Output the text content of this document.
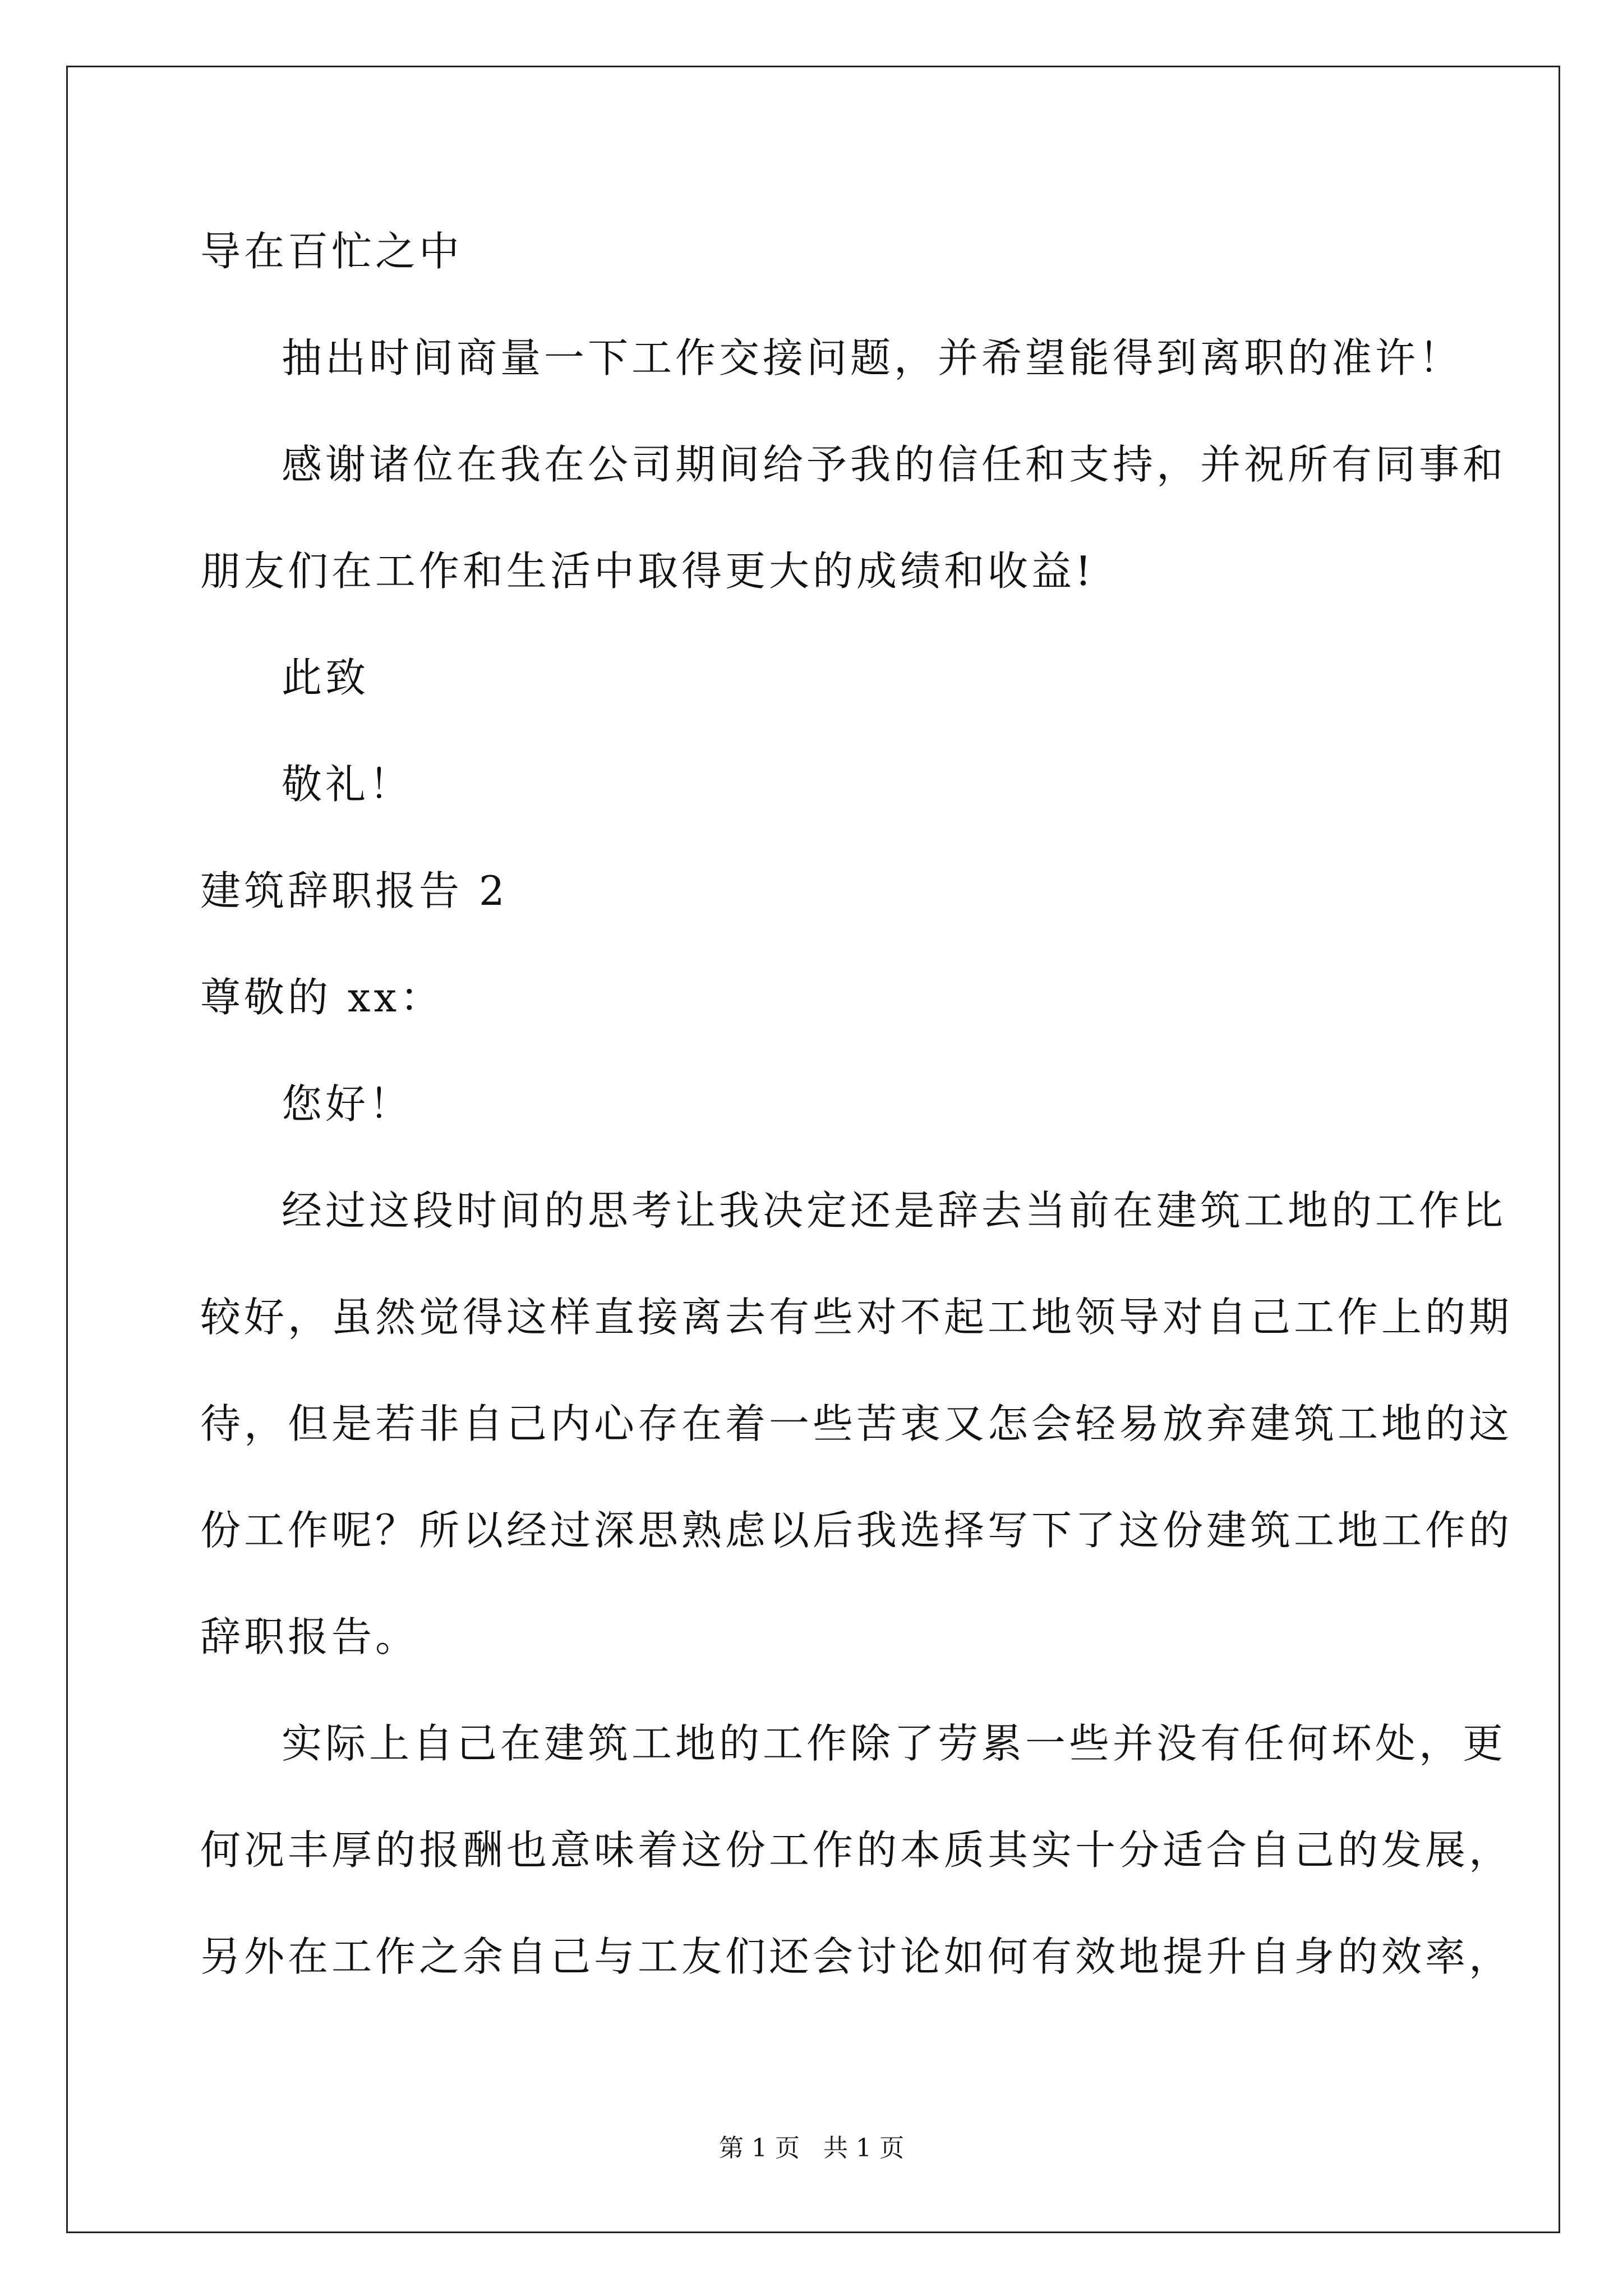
导在百忙之中
抽出时间商量一下工作交接问题，并希望能得到离职的准许！
感谢诸位在我在公司期间给予我的信任和支持，并祝所有同事和
朋友们在工作和生活中取得更大的成绩和收益!
此致
敬礼！
建筑辞职报告 2
尊敬的 xx：
您好！
经过这段时间的思考让我决定还是辞去当前在建筑工地的工作比
较好，虽然觉得这样直接离去有些对不起工地领导对自己工作上的期
待，但是若非自己内心存在着一些苦衷又怎会轻易放弃建筑工地的这
份工作呢？所以经过深思熟虑以后我选择写下了这份建筑工地工作的
辞职报告。
实际上自己在建筑工地的工作除了劳累一些并没有任何坏处，更
何况丰厚的报酬也意味着这份工作的本质其实十分适合自己的发展，
另外在工作之余自己与工友们还会讨论如何有效地提升自身的效率，
第 1 页   共 1 页
